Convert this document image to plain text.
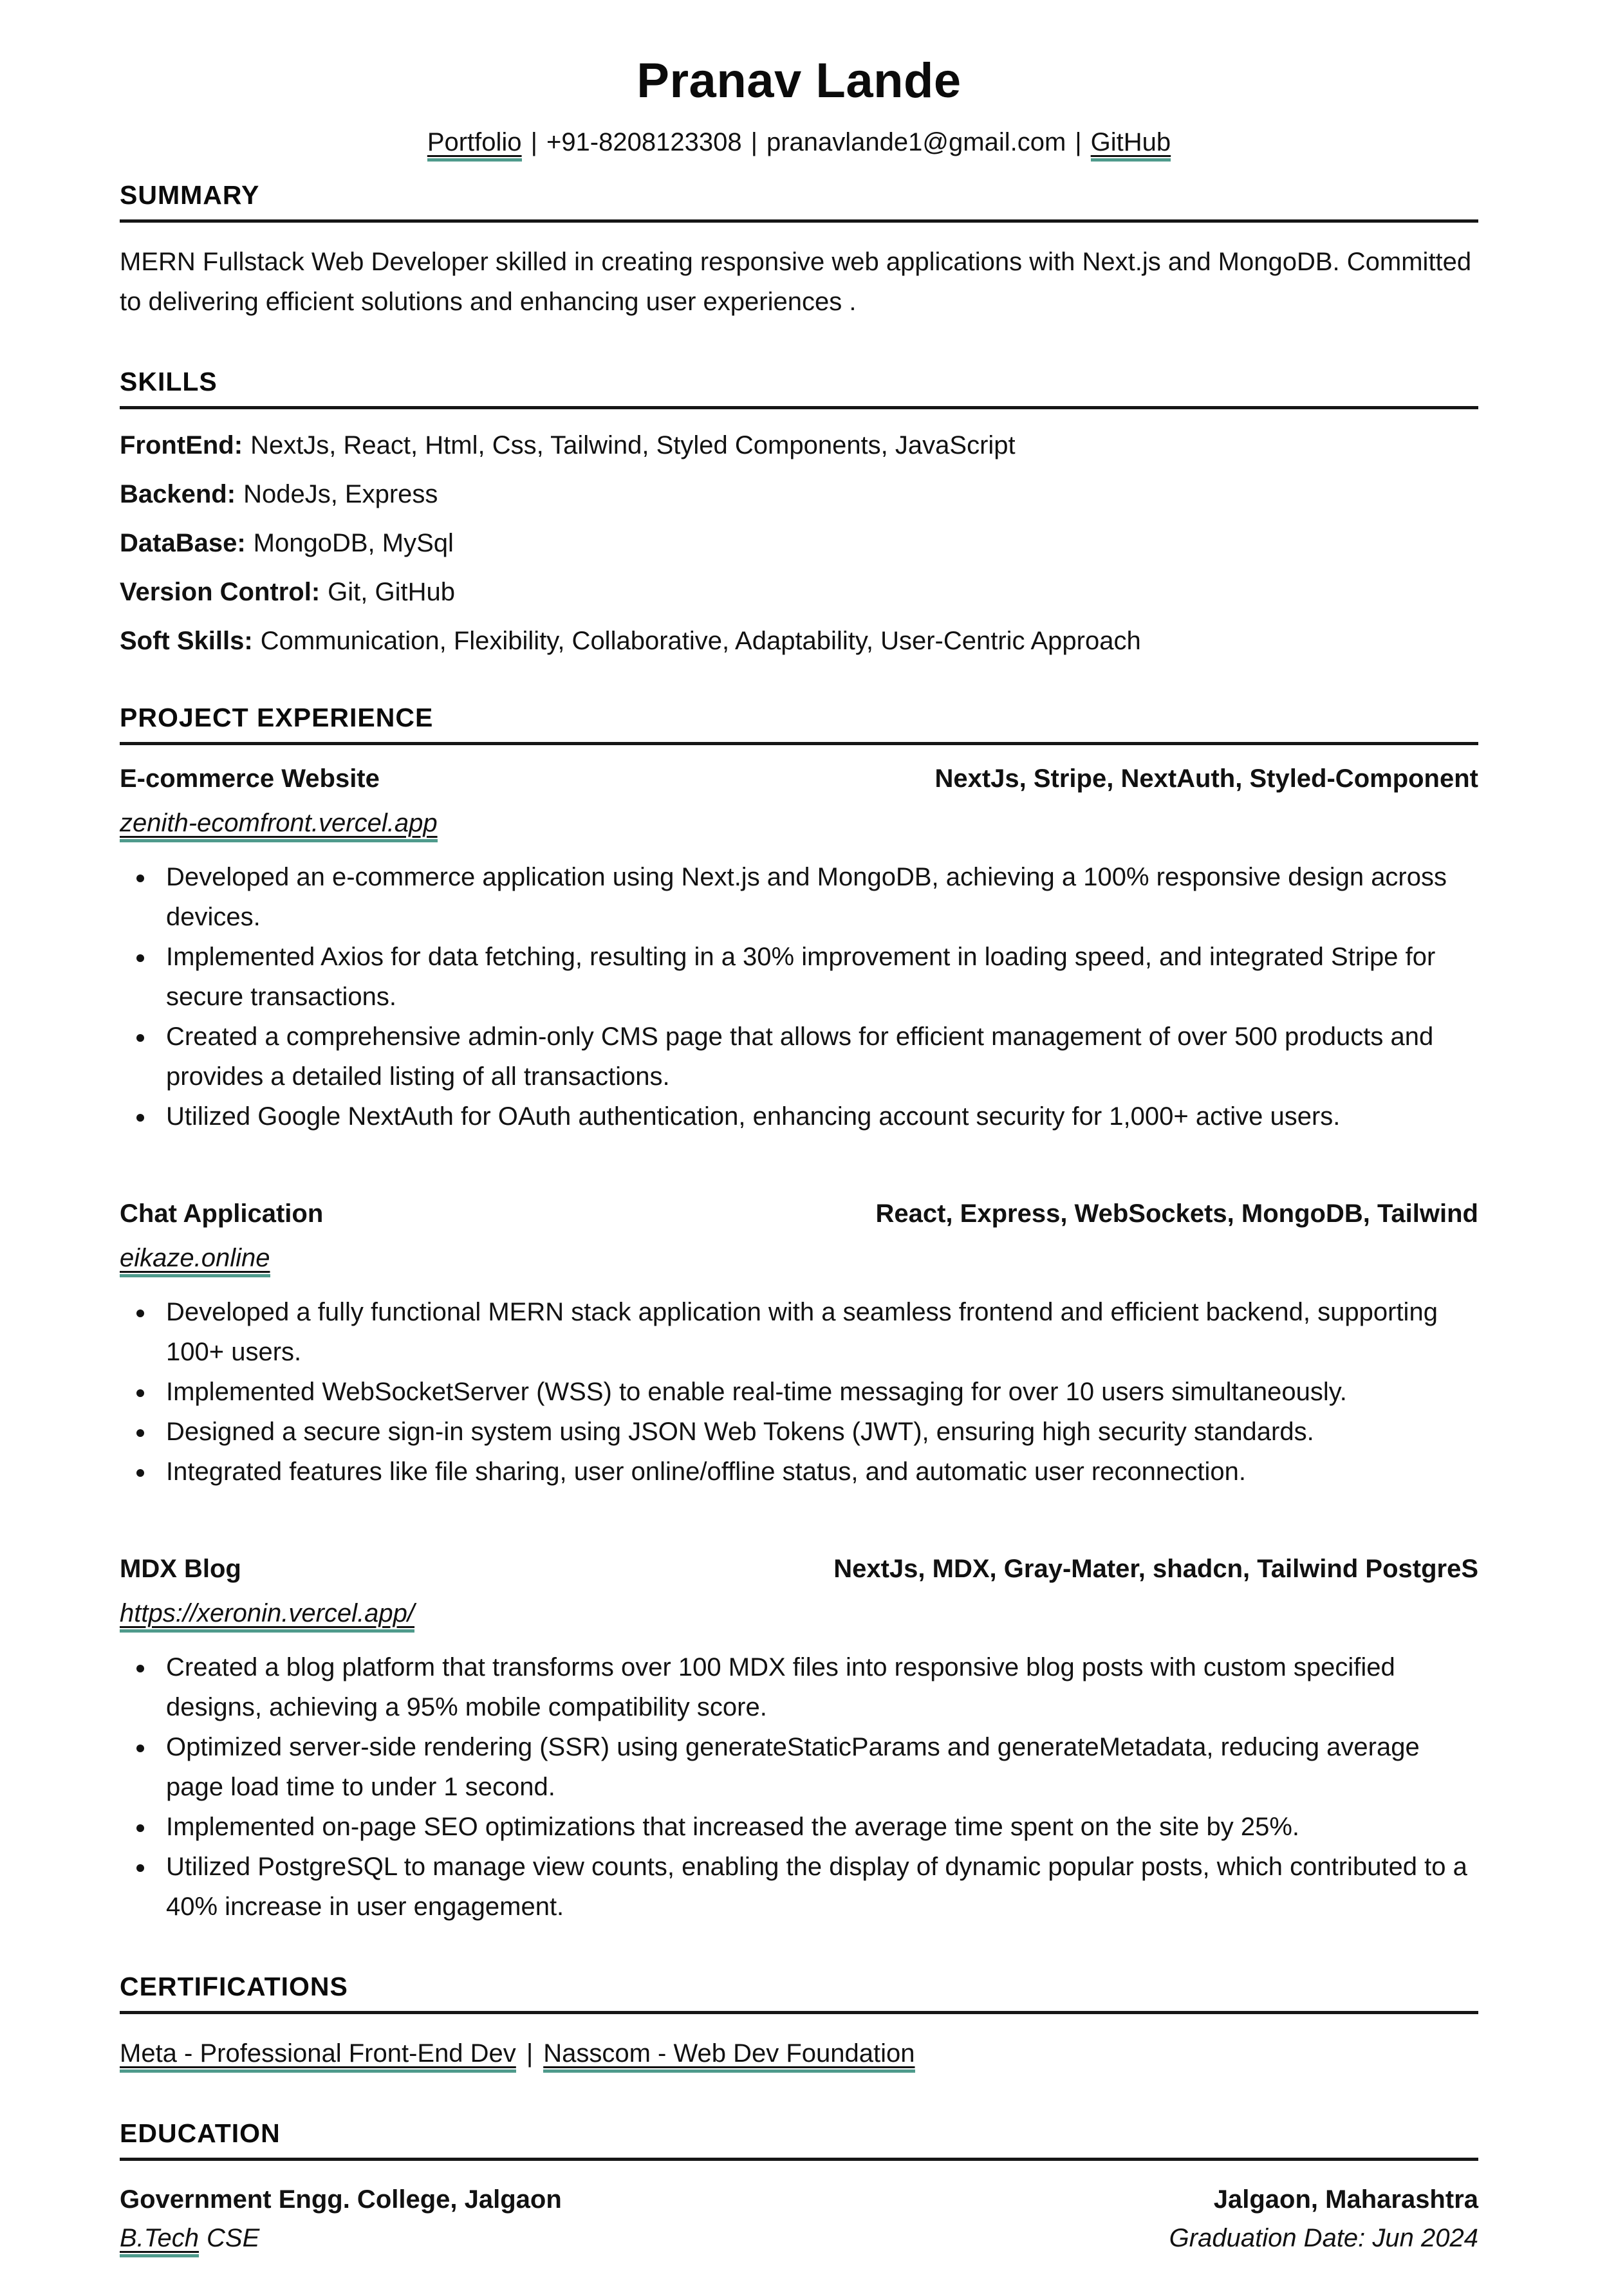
Pranav Lande
Portfolio | +91-8208123308 | pranavlande1@gmail.com | GitHub
SUMMARY

MERN Fullstack Web Developer skilled in creating responsive web applications with Next.js and MongoDB. Committed to delivering efficient solutions and enhancing user experiences .

SKILLS
FrontEnd: NextJs, React, Html, Css, Tailwind, Styled Components, JavaScript
Backend: NodeJs, Express
DataBase: MongoDB, MySql
Version Control: Git, GitHub
Soft Skills: Communication, Flexibility, Collaborative, Adaptability, User-Centric Approach
PROJECT EXPERIENCE
E-commerce Website	NextJs, Stripe, NextAuth, Styled-Component
zenith-ecomfront.vercel.app
• Developed an e-commerce application using Next.js and MongoDB, achieving a 100% responsive design across devices.
• Implemented Axios for data fetching, resulting in a 30% improvement in loading speed, and integrated Stripe for secure transactions.
• Created a comprehensive admin-only CMS page that allows for efficient management of over 500 products and provides a detailed listing of all transactions.
• Utilized Google NextAuth for OAuth authentication, enhancing account security for 1,000+ active users.
Chat Application	React, Express, WebSockets, MongoDB, Tailwind
eikaze.online
• Developed a fully functional MERN stack application with a seamless frontend and efficient backend, supporting 100+ users.
• Implemented WebSocketServer (WSS) to enable real-time messaging for over 10 users simultaneously.
• Designed a secure sign-in system using JSON Web Tokens (JWT), ensuring high security standards.
• Integrated features like file sharing, user online/offline status, and automatic user reconnection.
MDX Blog	NextJs, MDX, Gray-Mater, shadcn, Tailwind PostgreS
https://xeronin.vercel.app/
• Created a blog platform that transforms over 100 MDX files into responsive blog posts with custom specified designs, achieving a 95% mobile compatibility score.
• Optimized server-side rendering (SSR) using generateStaticParams and generateMetadata, reducing average page load time to under 1 second.
• Implemented on-page SEO optimizations that increased the average time spent on the site by 25%.
• Utilized PostgreSQL to manage view counts, enabling the display of dynamic popular posts, which contributed to a 40% increase in user engagement.
CERTIFICATIONS
Meta - Professional Front-End Dev | Nasscom - Web Dev Foundation
EDUCATION
Government Engg. College, Jalgaon	Jalgaon, Maharashtra
B.Tech CSE	Graduation Date: Jun 2024
